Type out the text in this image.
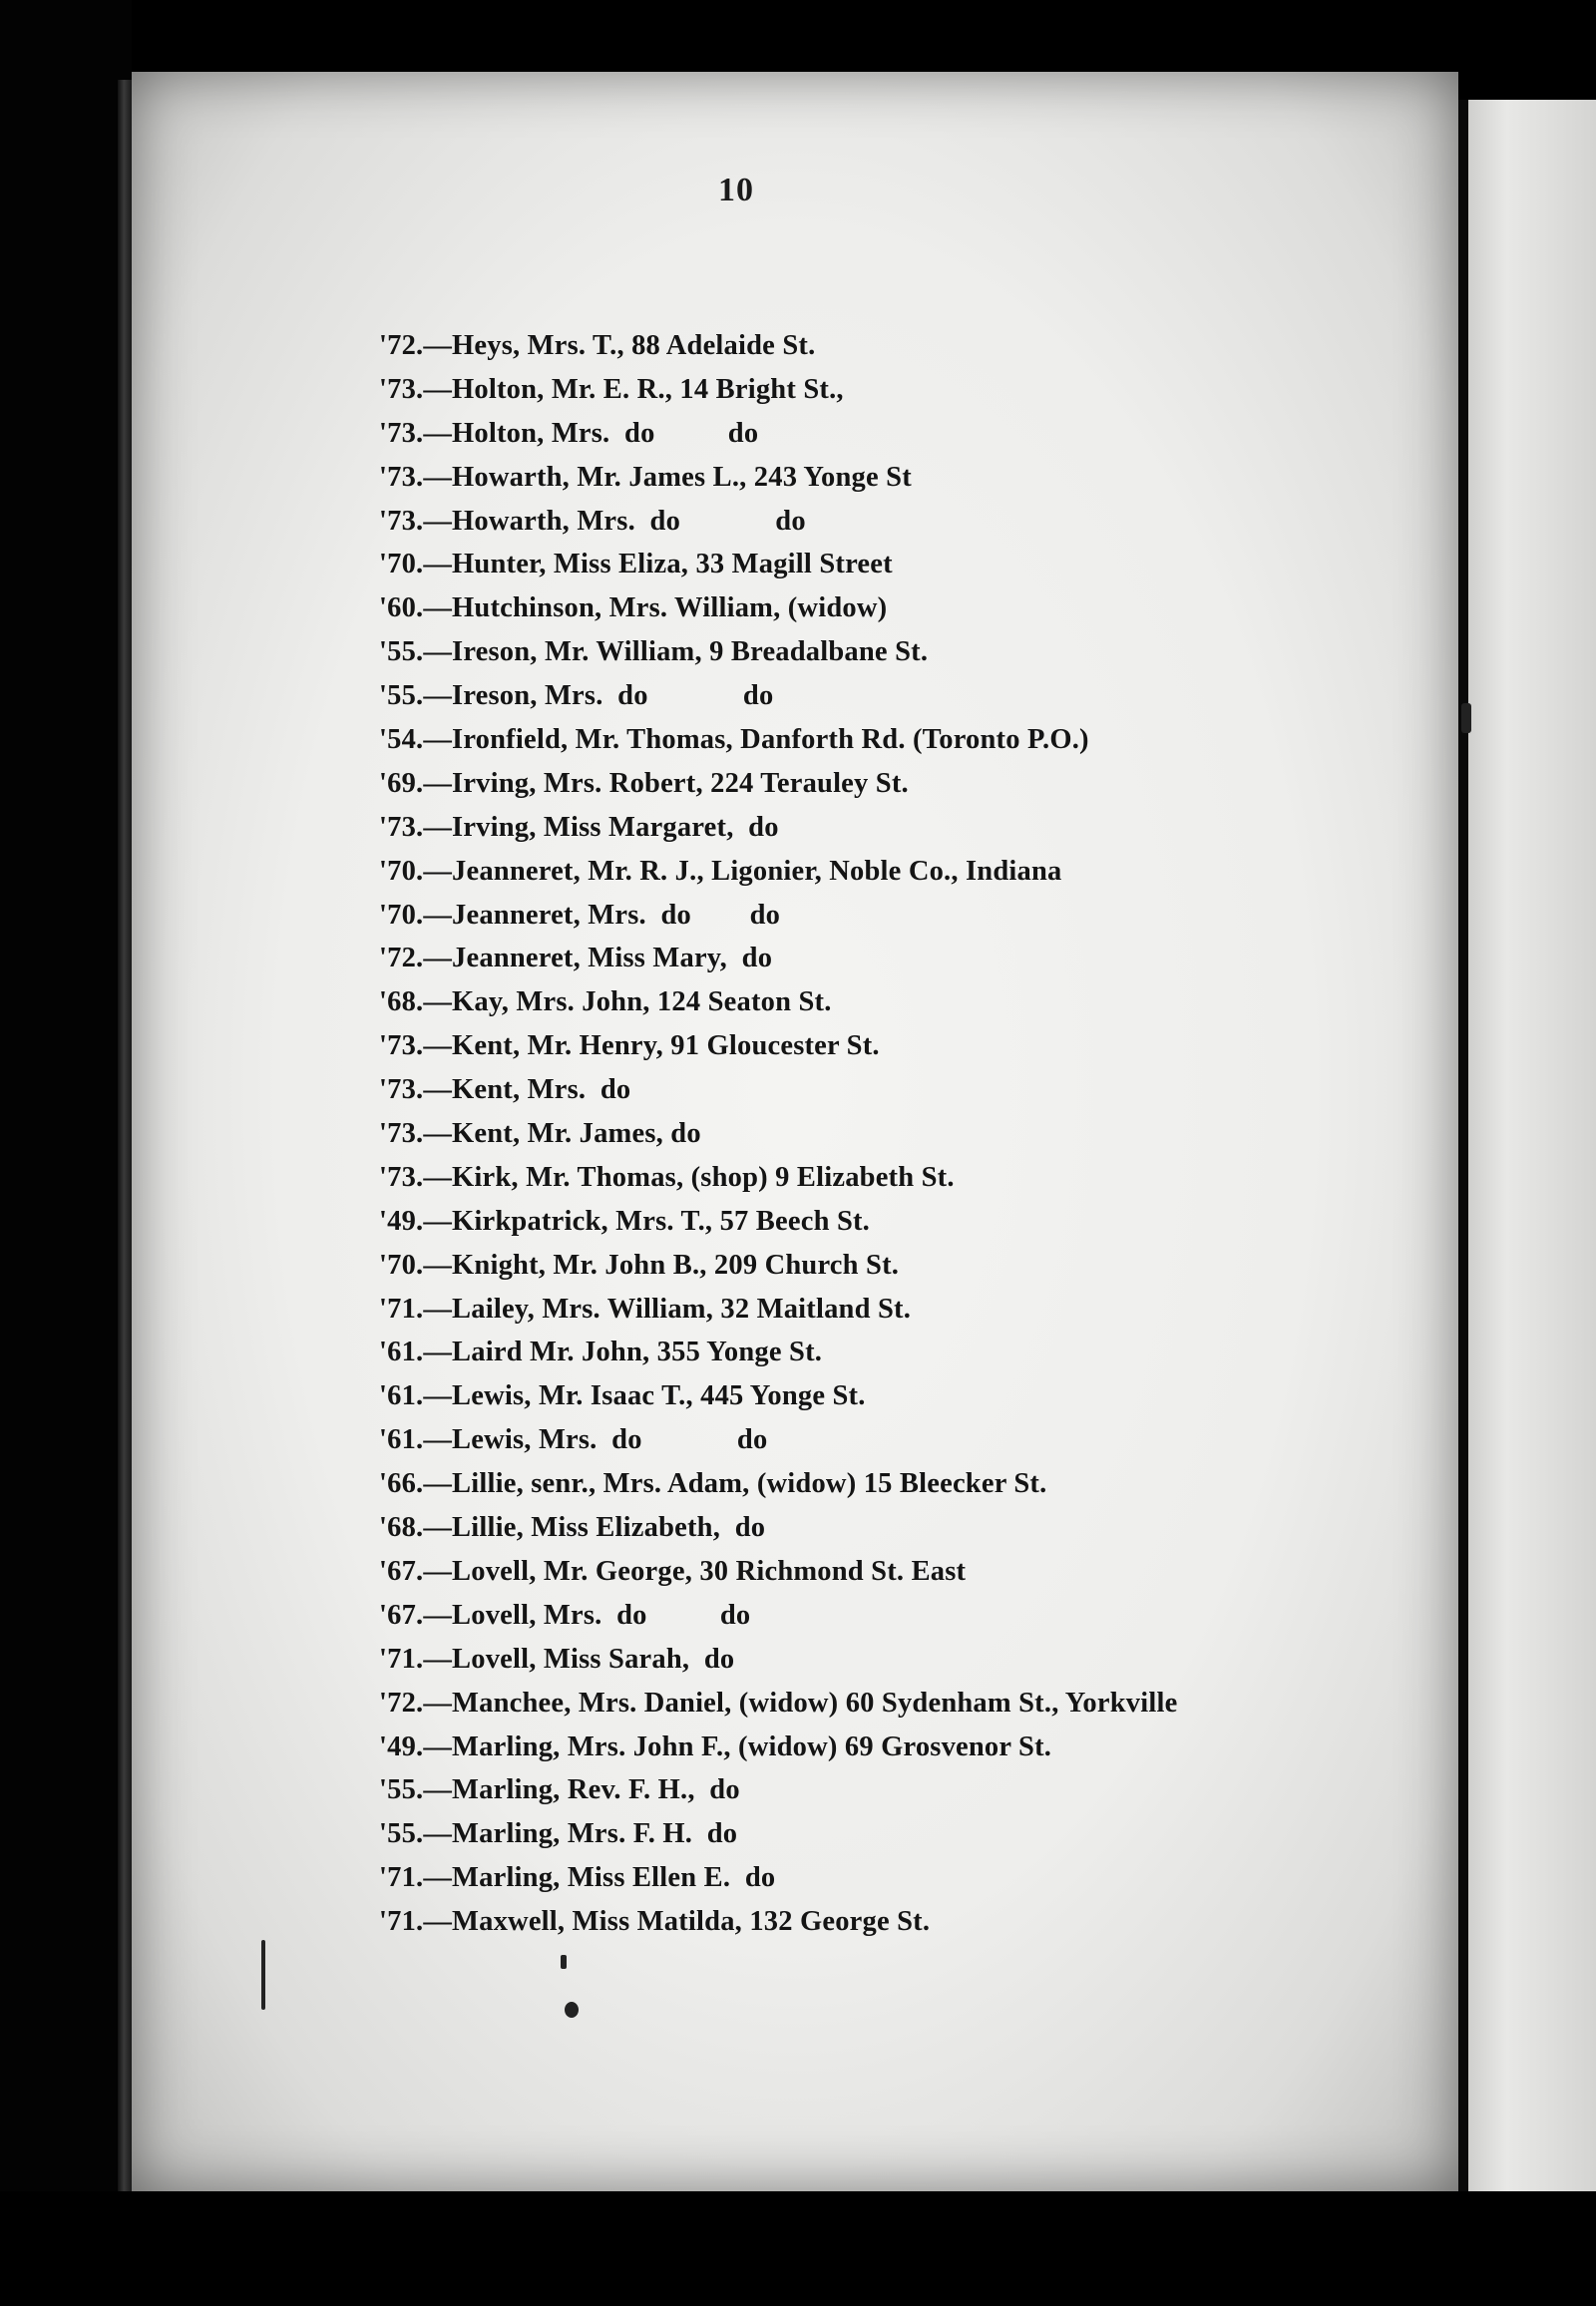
10
'72.—Heys, Mrs. T., 88 Adelaide St.
'73.—Holton, Mr. E. R., 14 Bright St.,
'73.—Holton, Mrs.  do          do
'73.—Howarth, Mr. James L., 243 Yonge St
'73.—Howarth, Mrs.  do             do
'70.—Hunter, Miss Eliza, 33 Magill Street
'60.—Hutchinson, Mrs. William, (widow)
'55.—Ireson, Mr. William, 9 Breadalbane St.
'55.—Ireson, Mrs.  do             do
'54.—Ironfield, Mr. Thomas, Danforth Rd. (Toronto P.O.)
'69.—Irving, Mrs. Robert, 224 Terauley St.
'73.—Irving, Miss Margaret,  do
'70.—Jeanneret, Mr. R. J., Ligonier, Noble Co., Indiana
'70.—Jeanneret, Mrs.  do        do
'72.—Jeanneret, Miss Mary,  do
'68.—Kay, Mrs. John, 124 Seaton St.
'73.—Kent, Mr. Henry, 91 Gloucester St.
'73.—Kent, Mrs.  do
'73.—Kent, Mr. James, do
'73.—Kirk, Mr. Thomas, (shop) 9 Elizabeth St.
'49.—Kirkpatrick, Mrs. T., 57 Beech St.
'70.—Knight, Mr. John B., 209 Church St.
'71.—Lailey, Mrs. William, 32 Maitland St.
'61.—Laird Mr. John, 355 Yonge St.
'61.—Lewis, Mr. Isaac T., 445 Yonge St.
'61.—Lewis, Mrs.  do             do
'66.—Lillie, senr., Mrs. Adam, (widow) 15 Bleecker St.
'68.—Lillie, Miss Elizabeth,  do
'67.—Lovell, Mr. George, 30 Richmond St. East
'67.—Lovell, Mrs.  do          do
'71.—Lovell, Miss Sarah,  do
'72.—Manchee, Mrs. Daniel, (widow) 60 Sydenham St., Yorkville
'49.—Marling, Mrs. John F., (widow) 69 Grosvenor St.
'55.—Marling, Rev. F. H.,  do
'55.—Marling, Mrs. F. H.  do
'71.—Marling, Miss Ellen E.  do
'71.—Maxwell, Miss Matilda, 132 George St.
